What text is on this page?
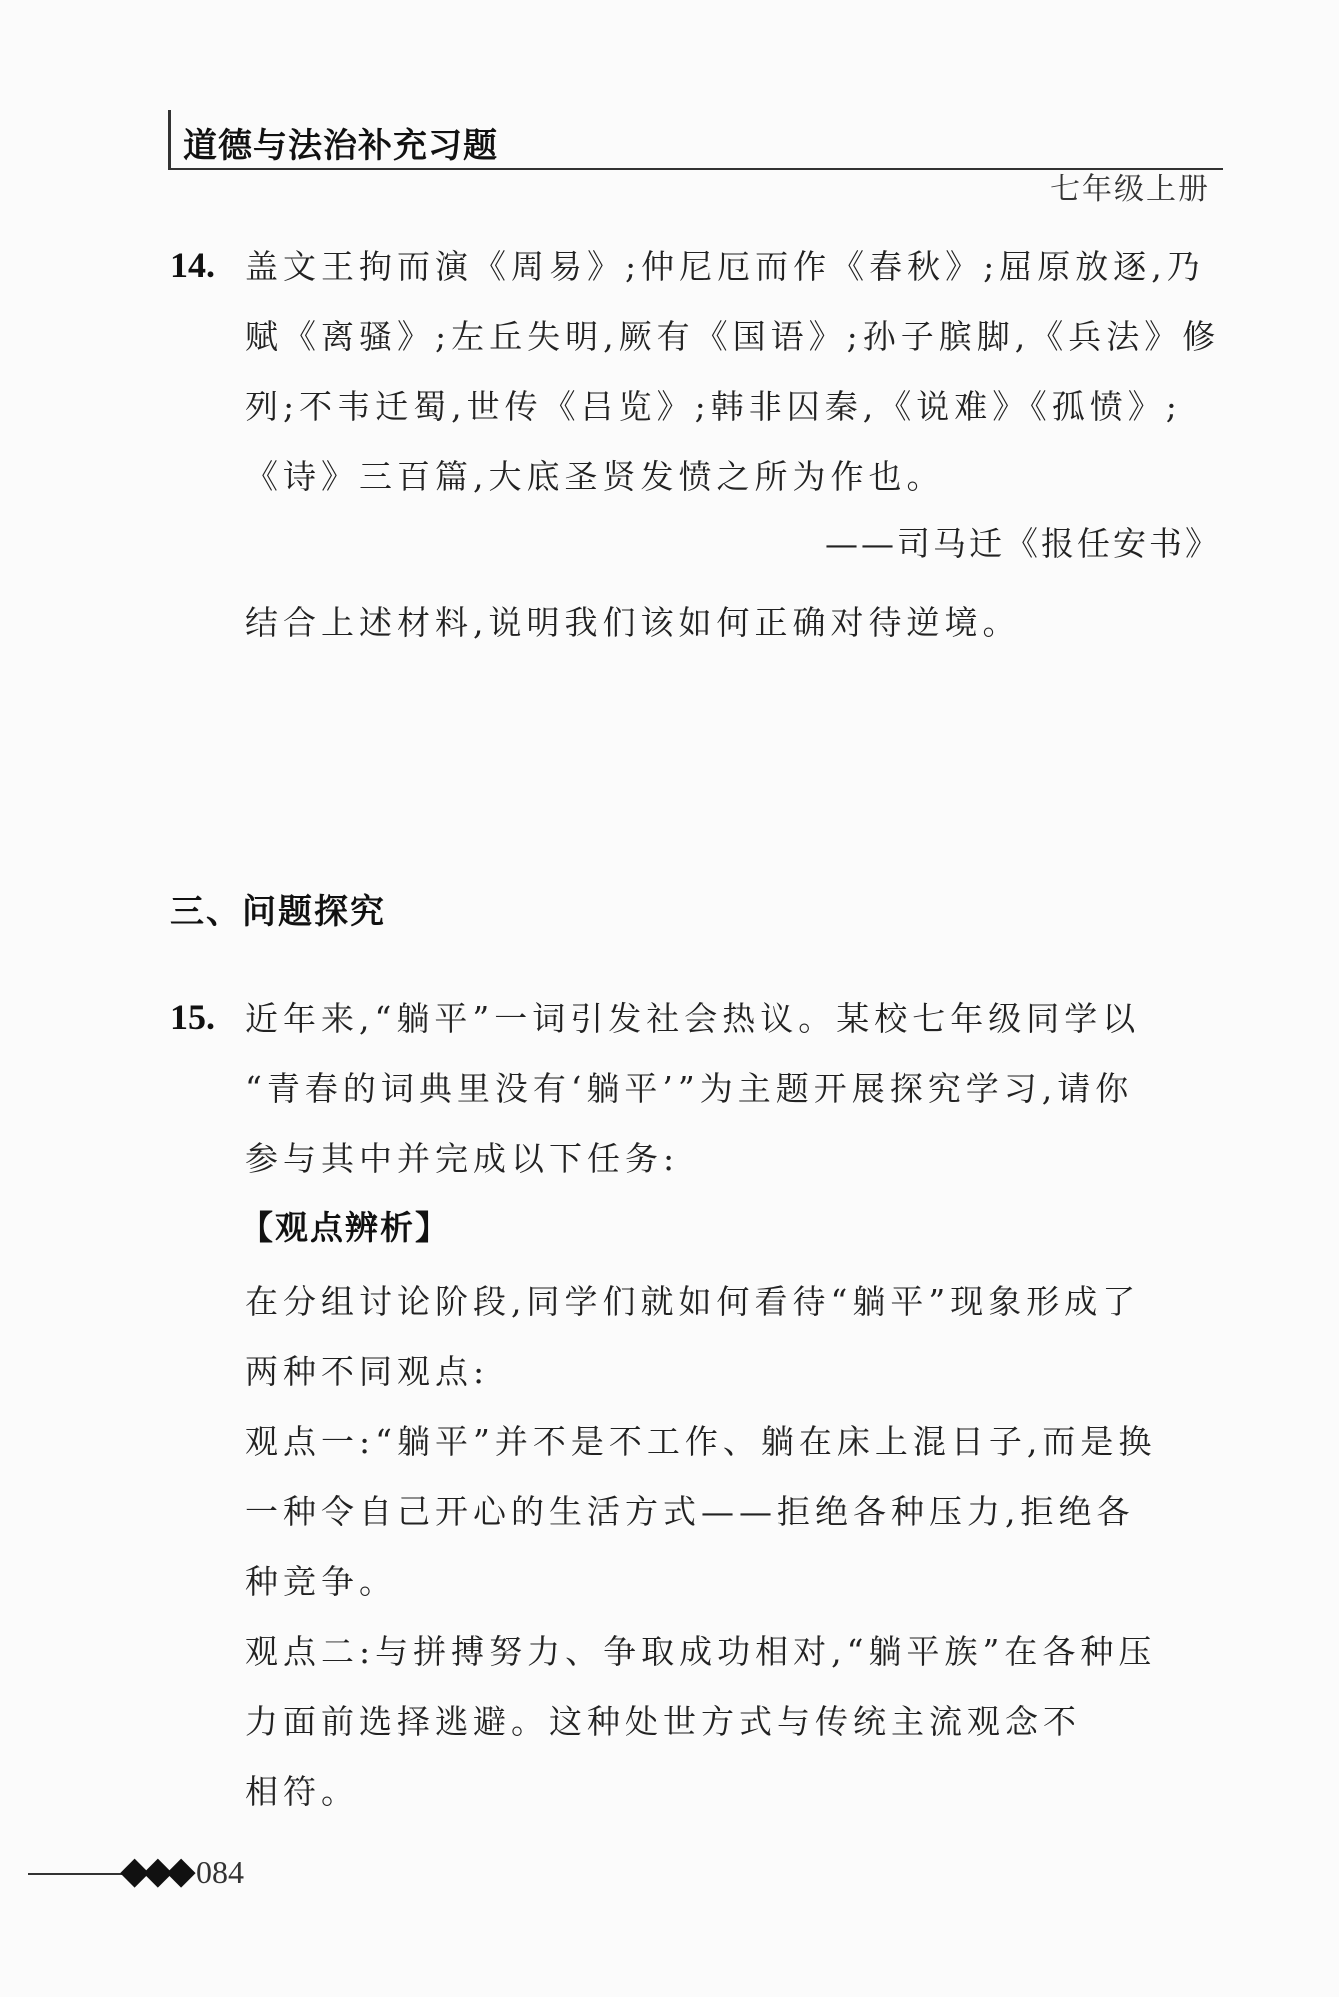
道德与法治补充习题
七年级上册
14. 盖文王拘而演《周易》;仲尼厄而作《春秋》;屈原放逐,乃
赋《离骚》;左丘失明,厥有《国语》;孙子膑脚,《兵法》修
列;不韦迁蜀,世传《吕览》;韩非囚秦,《说难》《孤愤》;
《诗》三百篇,大底圣贤发愤之所为作也。
——司马迁《报任安书》
结合上述材料,说明我们该如何正确对待逆境。
三、问题探究
15. 近年来,“躺平”一词引发社会热议。某校七年级同学以
“青春的词典里没有‘躺平’”为主题开展探究学习,请你
参与其中并完成以下任务:
【观点辨析】
在分组讨论阶段,同学们就如何看待“躺平”现象形成了
两种不同观点:
观点一:“躺平”并不是不工作、躺在床上混日子,而是换
一种令自己开心的生活方式——拒绝各种压力,拒绝各
种竞争。
观点二:与拼搏努力、争取成功相对,“躺平族”在各种压
力面前选择逃避。这种处世方式与传统主流观念不
相符。
◆◆◆ 084
